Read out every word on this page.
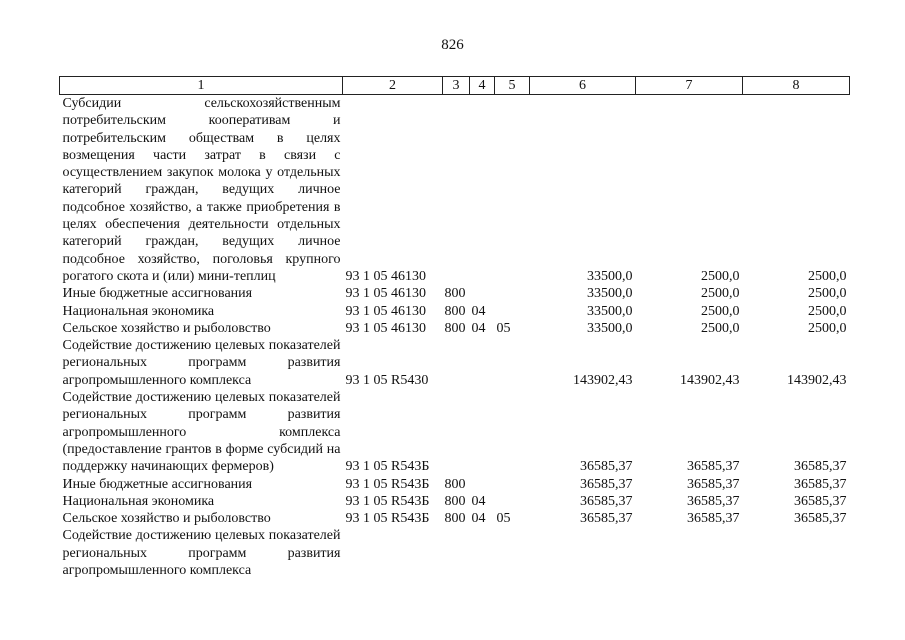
826
1	2	3	4	5	6	7	8
Субсидии сельскохозяйственным потребительским кооперативам и потребительским обществам в целях возмещения части затрат в связи с осуществлением закупок молока у отдельных категорий граждан, ведущих личное подсобное хозяйство, а также приобретения в целях обеспечения деятельности отдельных категорий граждан, ведущих личное подсобное хозяйство, поголовья крупного рогатого скота и (или) мини-теплиц	93 1 05 46130				33500,0	2500,0	2500,0
Иные бюджетные ассигнования	93 1 05 46130	800			33500,0	2500,0	2500,0
Национальная экономика	93 1 05 46130	800	04		33500,0	2500,0	2500,0
Сельское хозяйство и рыболовство	93 1 05 46130	800	04	05	33500,0	2500,0	2500,0
Содействие достижению целевых показателей региональных программ развития агропромышленного комплекса	93 1 05 R5430				143902,43	143902,43	143902,43
Содействие достижению целевых показателей региональных программ развития агропромышленного комплекса (предоставление грантов в форме субсидий на поддержку начинающих фермеров)	93 1 05 R543Б				36585,37	36585,37	36585,37
Иные бюджетные ассигнования	93 1 05 R543Б	800			36585,37	36585,37	36585,37
Национальная экономика	93 1 05 R543Б	800	04		36585,37	36585,37	36585,37
Сельское хозяйство и рыболовство	93 1 05 R543Б	800	04	05	36585,37	36585,37	36585,37
Содействие достижению целевых показателей региональных программ развития агропромышленного комплекса							
